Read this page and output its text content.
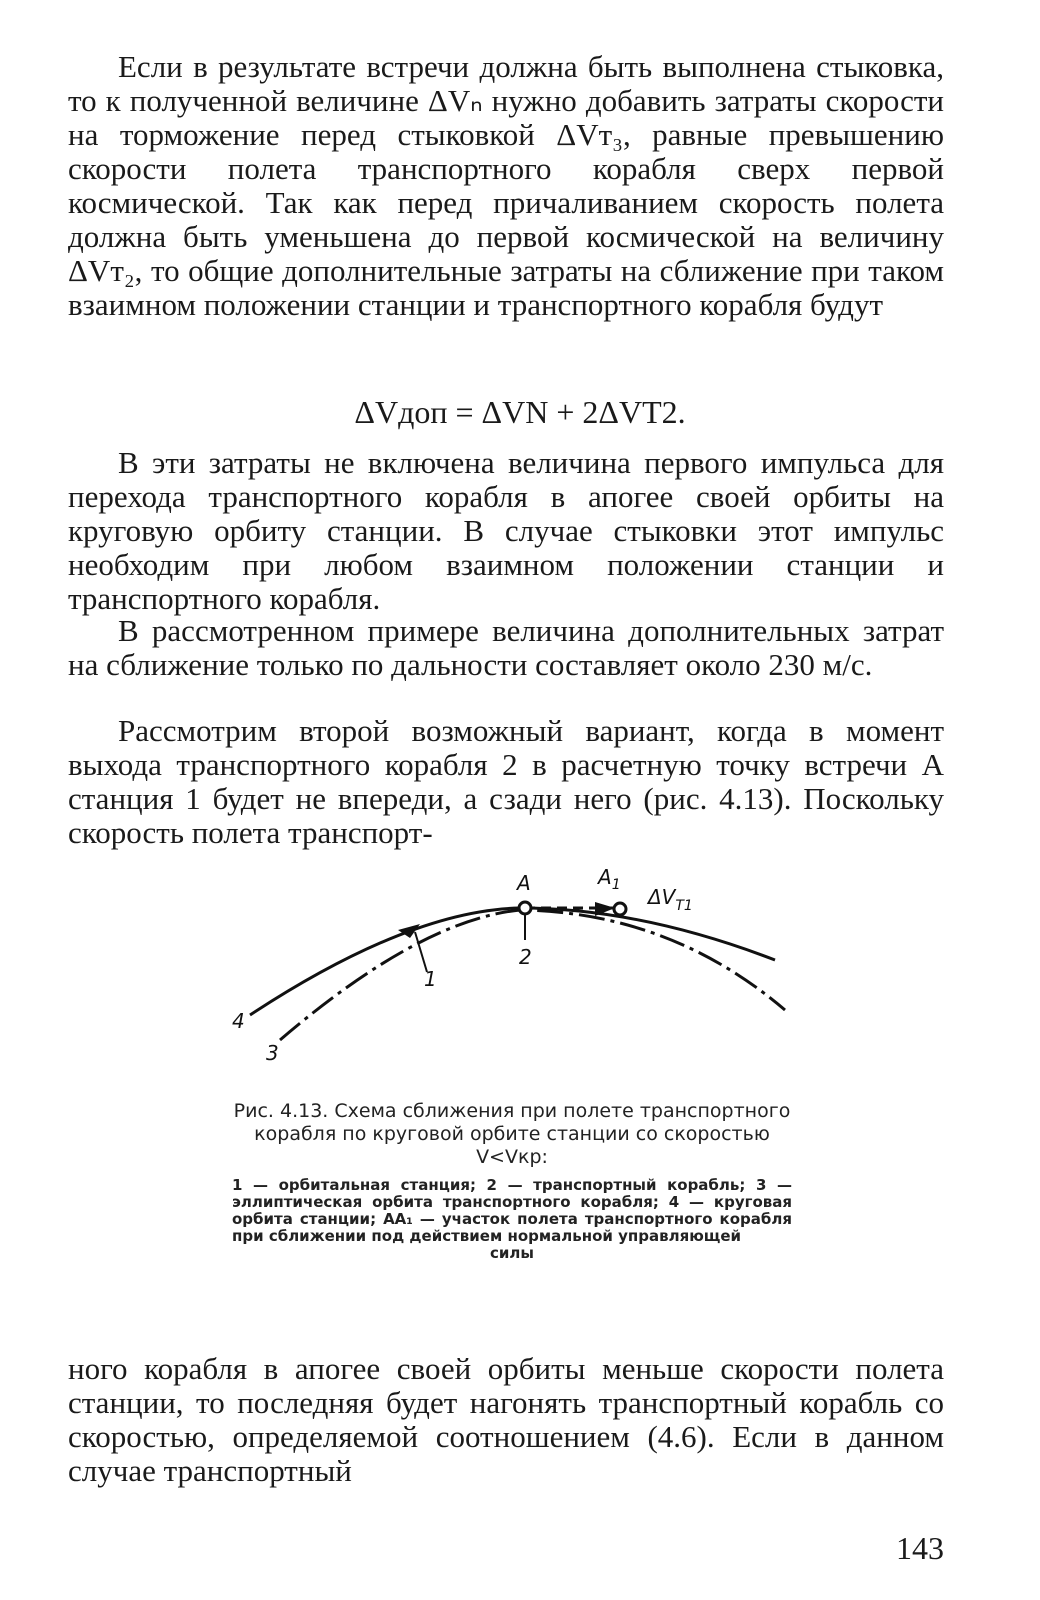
Если в результате встречи должна быть выполнена стыковка, то к полученной величине ΔVₙ нужно добавить затраты скорости на торможение перед стыковкой ΔVᴛ₃, равные превышению скорости полета транспортного корабля сверх первой космической. Так как перед причаливанием скорость полета должна быть уменьшена до первой космической на величину ΔVᴛ₂, то общие дополнительные затраты на сближение при таком взаимном положении станции и транспортного корабля будут

ΔVдоп = ΔVN + 2ΔVT2.

В эти затраты не включена величина первого импульса для перехода транспортного корабля в апогее своей орбиты на круговую орбиту станции. В случае стыковки этот импульс необходим при любом взаимном положении станции и транспортного корабля.

В рассмотренном примере величина дополнительных затрат на сближение только по дальности составляет около 230 м/с.

Рассмотрим второй возможный вариант, когда в момент выхода транспортного корабля 2 в расчетную точку встречи A станция 1 будет не впереди, а сзади него (рис. 4.13). Поскольку скорость полета транспорт-

A	$A_1$ $\Delta V_{T1}$
1
2
3
4

Рис. 4.13. Схема сближения при полете транспортного корабля по круговой орбите станции со скоростью V<Vкр:

1 — орбитальная станция; 2 — транспортный корабль; 3 — эллиптическая орбита транспортного корабля; 4 — круговая орбита станции; AA₁ — участок полета транспортного корабля при сближении под действием нормальной управляющей
силы

ного корабля в апогее своей орбиты меньше скорости полета станции, то последняя будет нагонять транспортный корабль со скоростью, определяемой соотношением (4.6). Если в данном случае транспортный

143
